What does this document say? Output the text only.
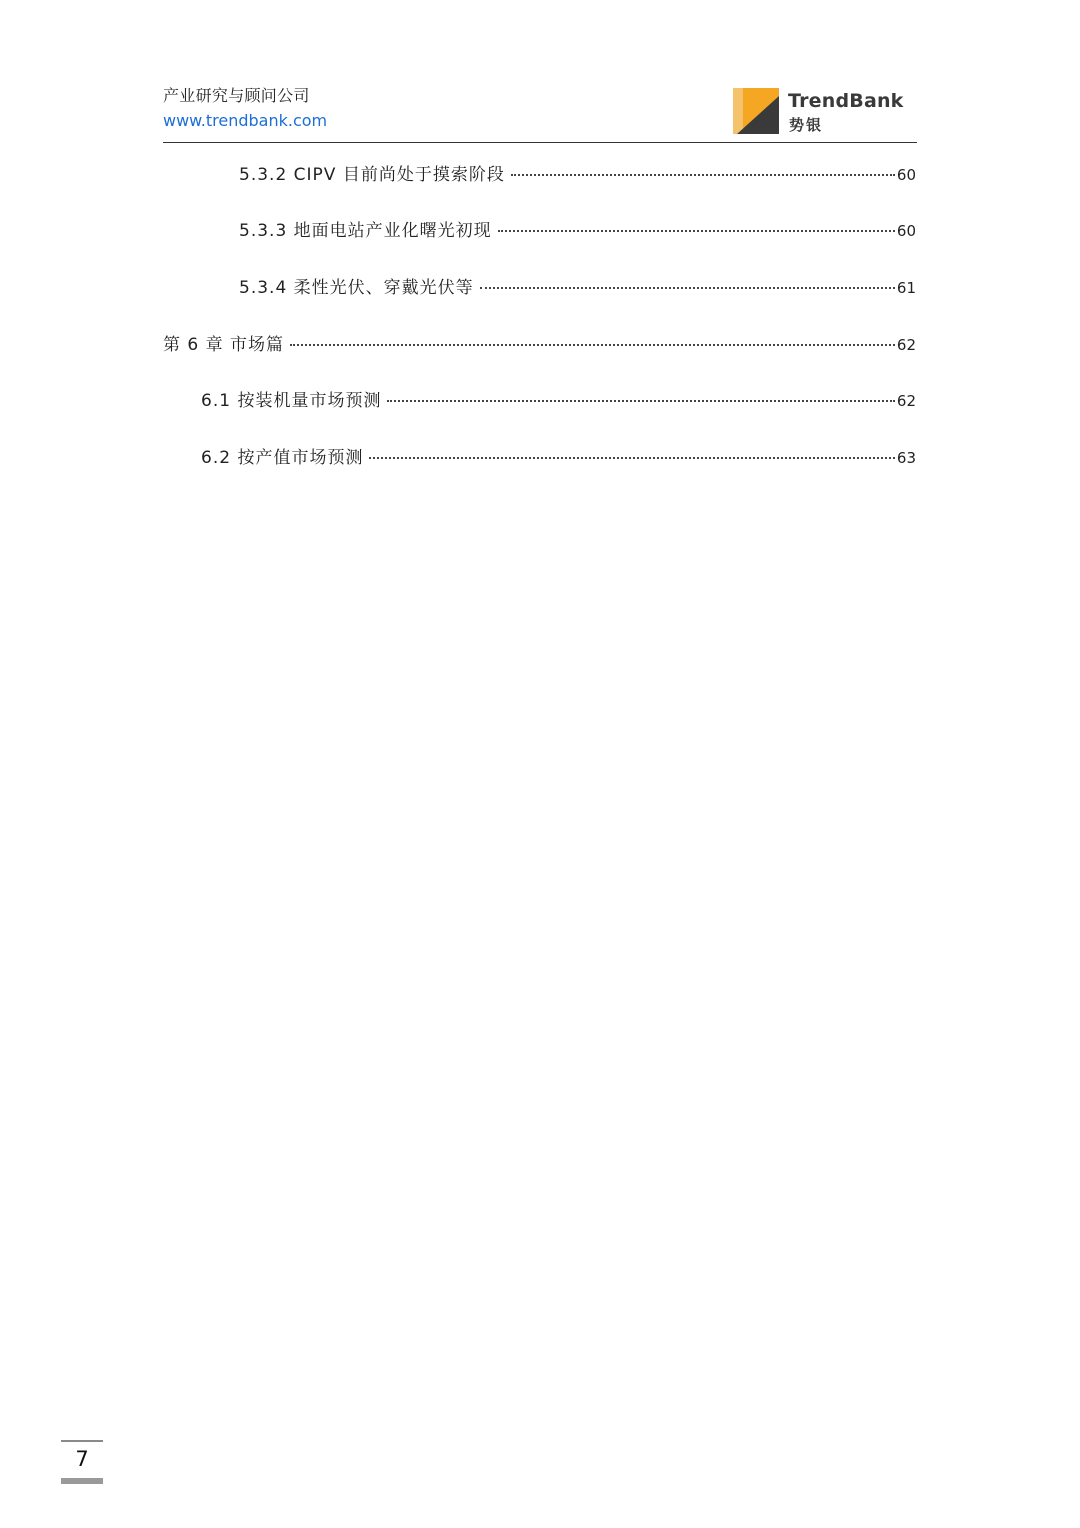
产业研究与顾问公司
www.trendbank.com
TrendBank
势银
5.3.2 CIPV 目前尚处于摸索阶段	60
5.3.3 地面电站产业化曙光初现	60
5.3.4 柔性光伏、穿戴光伏等	61
第 6 章 市场篇	62
6.1 按装机量市场预测	62
6.2 按产值市场预测	63
7
